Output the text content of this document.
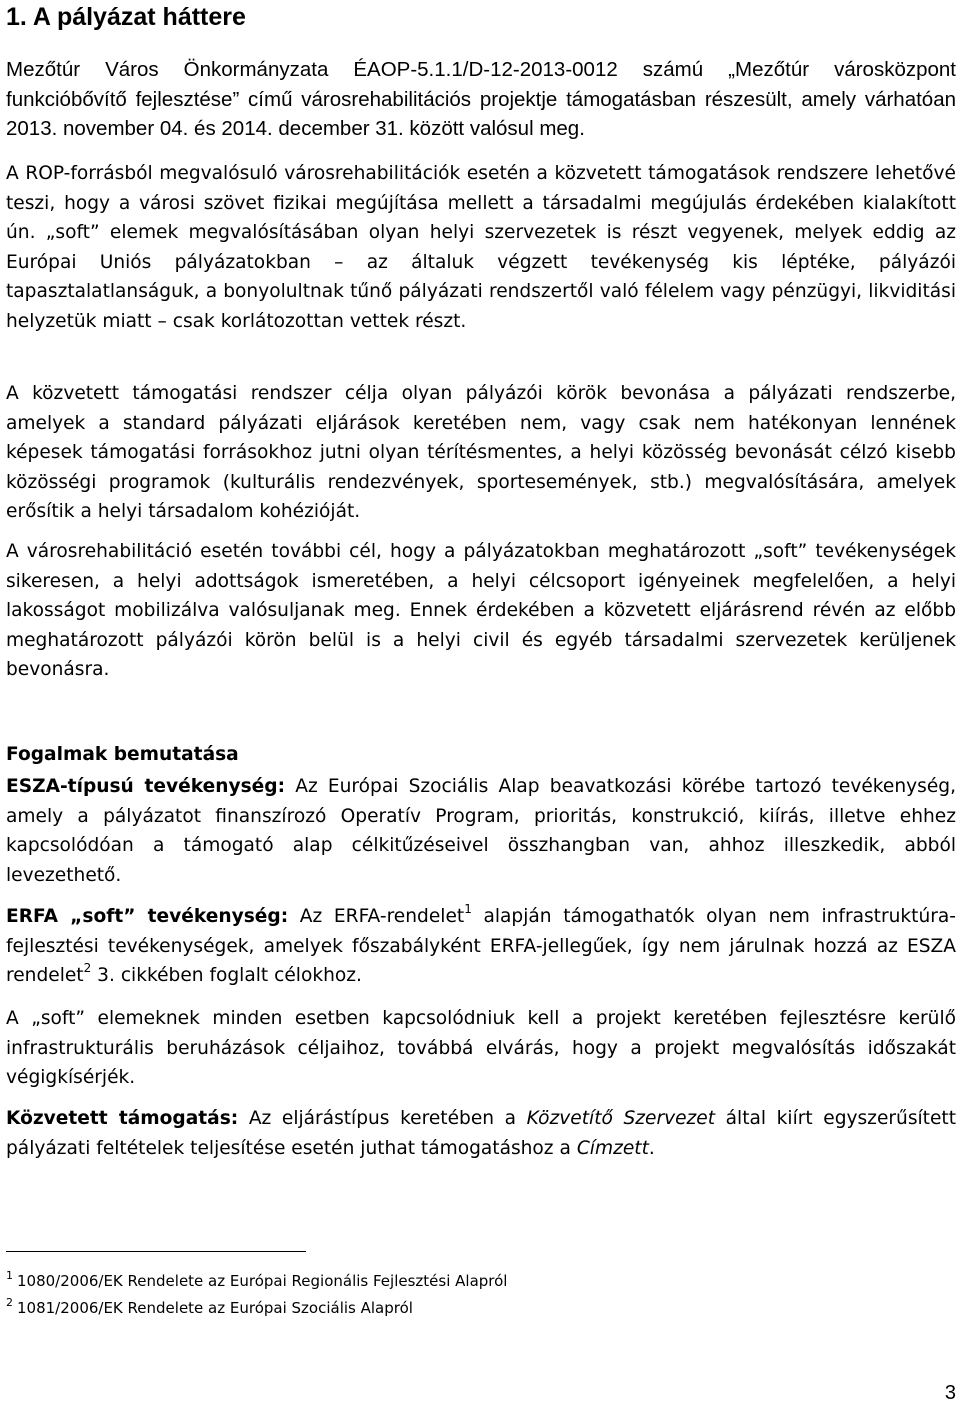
1. A pályázat háttere

Mezőtúr Város Önkormányzata ÉAOP-5.1.1/D-12-2013-0012 számú „Mezőtúr városközpont funkcióbővítő fejlesztése” című városrehabilitációs projektje támogatásban részesült, amely várhatóan 2013. november 04. és 2014. december 31. között valósul meg.

A ROP-forrásból megvalósuló városrehabilitációk esetén a közvetett támogatások rendszere lehetővé teszi, hogy a városi szövet fizikai megújítása mellett a társadalmi megújulás érdekében kialakított ún. „soft” elemek megvalósításában olyan helyi szervezetek is részt vegyenek, melyek eddig az Európai Uniós pályázatokban – az általuk végzett tevékenység kis léptéke, pályázói tapasztalatlanságuk, a bonyolultnak tűnő pályázati rendszertől való félelem vagy pénzügyi, likviditási helyzetük miatt – csak korlátozottan vettek részt.

A közvetett támogatási rendszer célja olyan pályázói körök bevonása a pályázati rendszerbe, amelyek a standard pályázati eljárások keretében nem, vagy csak nem hatékonyan lennének képesek támogatási forrásokhoz jutni olyan térítésmentes, a helyi közösség bevonását célzó kisebb közösségi programok (kulturális rendezvények, sportesemények, stb.) megvalósítására, amelyek erősítik a helyi társadalom kohézióját.

A városrehabilitáció esetén további cél, hogy a pályázatokban meghatározott „soft” tevékenységek sikeresen, a helyi adottságok ismeretében, a helyi célcsoport igényeinek megfelelően, a helyi lakosságot mobilizálva valósuljanak meg. Ennek érdekében a közvetett eljárásrend révén az előbb meghatározott pályázói körön belül is a helyi civil és egyéb társadalmi szervezetek kerüljenek bevonásra.

Fogalmak bemutatása

ESZA-típusú tevékenység: Az Európai Szociális Alap beavatkozási körébe tartozó tevékenység, amely a pályázatot finanszírozó Operatív Program, prioritás, konstrukció, kiírás, illetve ehhez kapcsolódóan a támogató alap célkitűzéseivel összhangban van, ahhoz illeszkedik, abból levezethető.

ERFA „soft” tevékenység: Az ERFA-rendelet$^1$ alapján támogathatók olyan nem infrastruktúra-fejlesztési tevékenységek, amelyek főszabályként ERFA-jellegűek, így nem járulnak hozzá az ESZA rendelet$^2$ 3. cikkében foglalt célokhoz.

A „soft” elemeknek minden esetben kapcsolódniuk kell a projekt keretében fejlesztésre kerülő infrastrukturális beruházások céljaihoz, továbbá elvárás, hogy a projekt megvalósítás időszakát végigkísérjék.

Közvetett támogatás: Az eljárástípus keretében a Közvetítő Szervezet által kiírt egyszerűsített pályázati feltételek teljesítése esetén juthat támogatáshoz a Címzett.

$^1$ 1080/2006/EK Rendelete az Európai Regionális Fejlesztési Alapról

$^2$ 1081/2006/EK Rendelete az Európai Szociális Alapról

3
